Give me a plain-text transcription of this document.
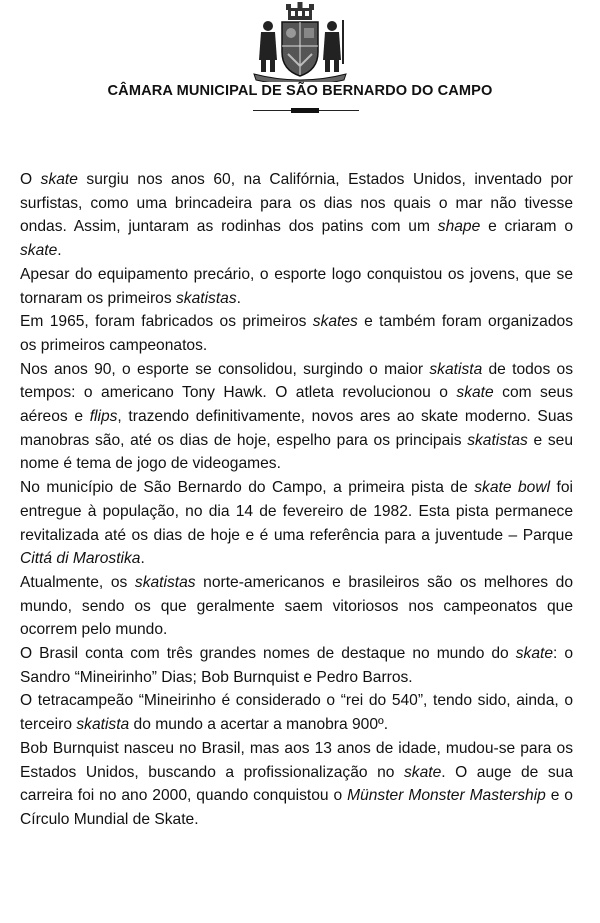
CÂMARA MUNICIPAL DE SÃO BERNARDO DO CAMPO

O skate surgiu nos anos 60, na Califórnia, Estados Unidos, inventado por surfistas, como uma brincadeira para os dias nos quais o mar não tivesse ondas. Assim, juntaram as rodinhas dos patins com um shape e criaram o skate.

Apesar do equipamento precário, o esporte logo conquistou os jovens, que se tornaram os primeiros skatistas.

Em 1965, foram fabricados os primeiros skates e também foram organizados os primeiros campeonatos.

Nos anos 90, o esporte se consolidou, surgindo o maior skatista de todos os tempos: o americano Tony Hawk. O atleta revolucionou o skate com seus aéreos e flips, trazendo definitivamente, novos ares ao skate moderno. Suas manobras são, até os dias de hoje, espelho para os principais skatistas e seu nome é tema de jogo de videogames.

No município de São Bernardo do Campo, a primeira pista de skate bowl foi entregue à população, no dia 14 de fevereiro de 1982. Esta pista permanece revitalizada até os dias de hoje e é uma referência para a juventude – Parque Cittá di Marostika.

Atualmente, os skatistas norte-americanos e brasileiros são os melhores do mundo, sendo os que geralmente saem vitoriosos nos campeonatos que ocorrem pelo mundo.

O Brasil conta com três grandes nomes de destaque no mundo do skate: o Sandro “Mineirinho” Dias; Bob Burnquist e Pedro Barros.

O tetracampeão “Mineirinho é considerado o “rei do 540”, tendo sido, ainda, o terceiro skatista do mundo a acertar a manobra 900º.

Bob Burnquist nasceu no Brasil, mas aos 13 anos de idade, mudou-se para os Estados Unidos, buscando a profissionalização no skate. O auge de sua carreira foi no ano 2000, quando conquistou o Münster Monster Mastership e o Círculo Mundial de Skate.
